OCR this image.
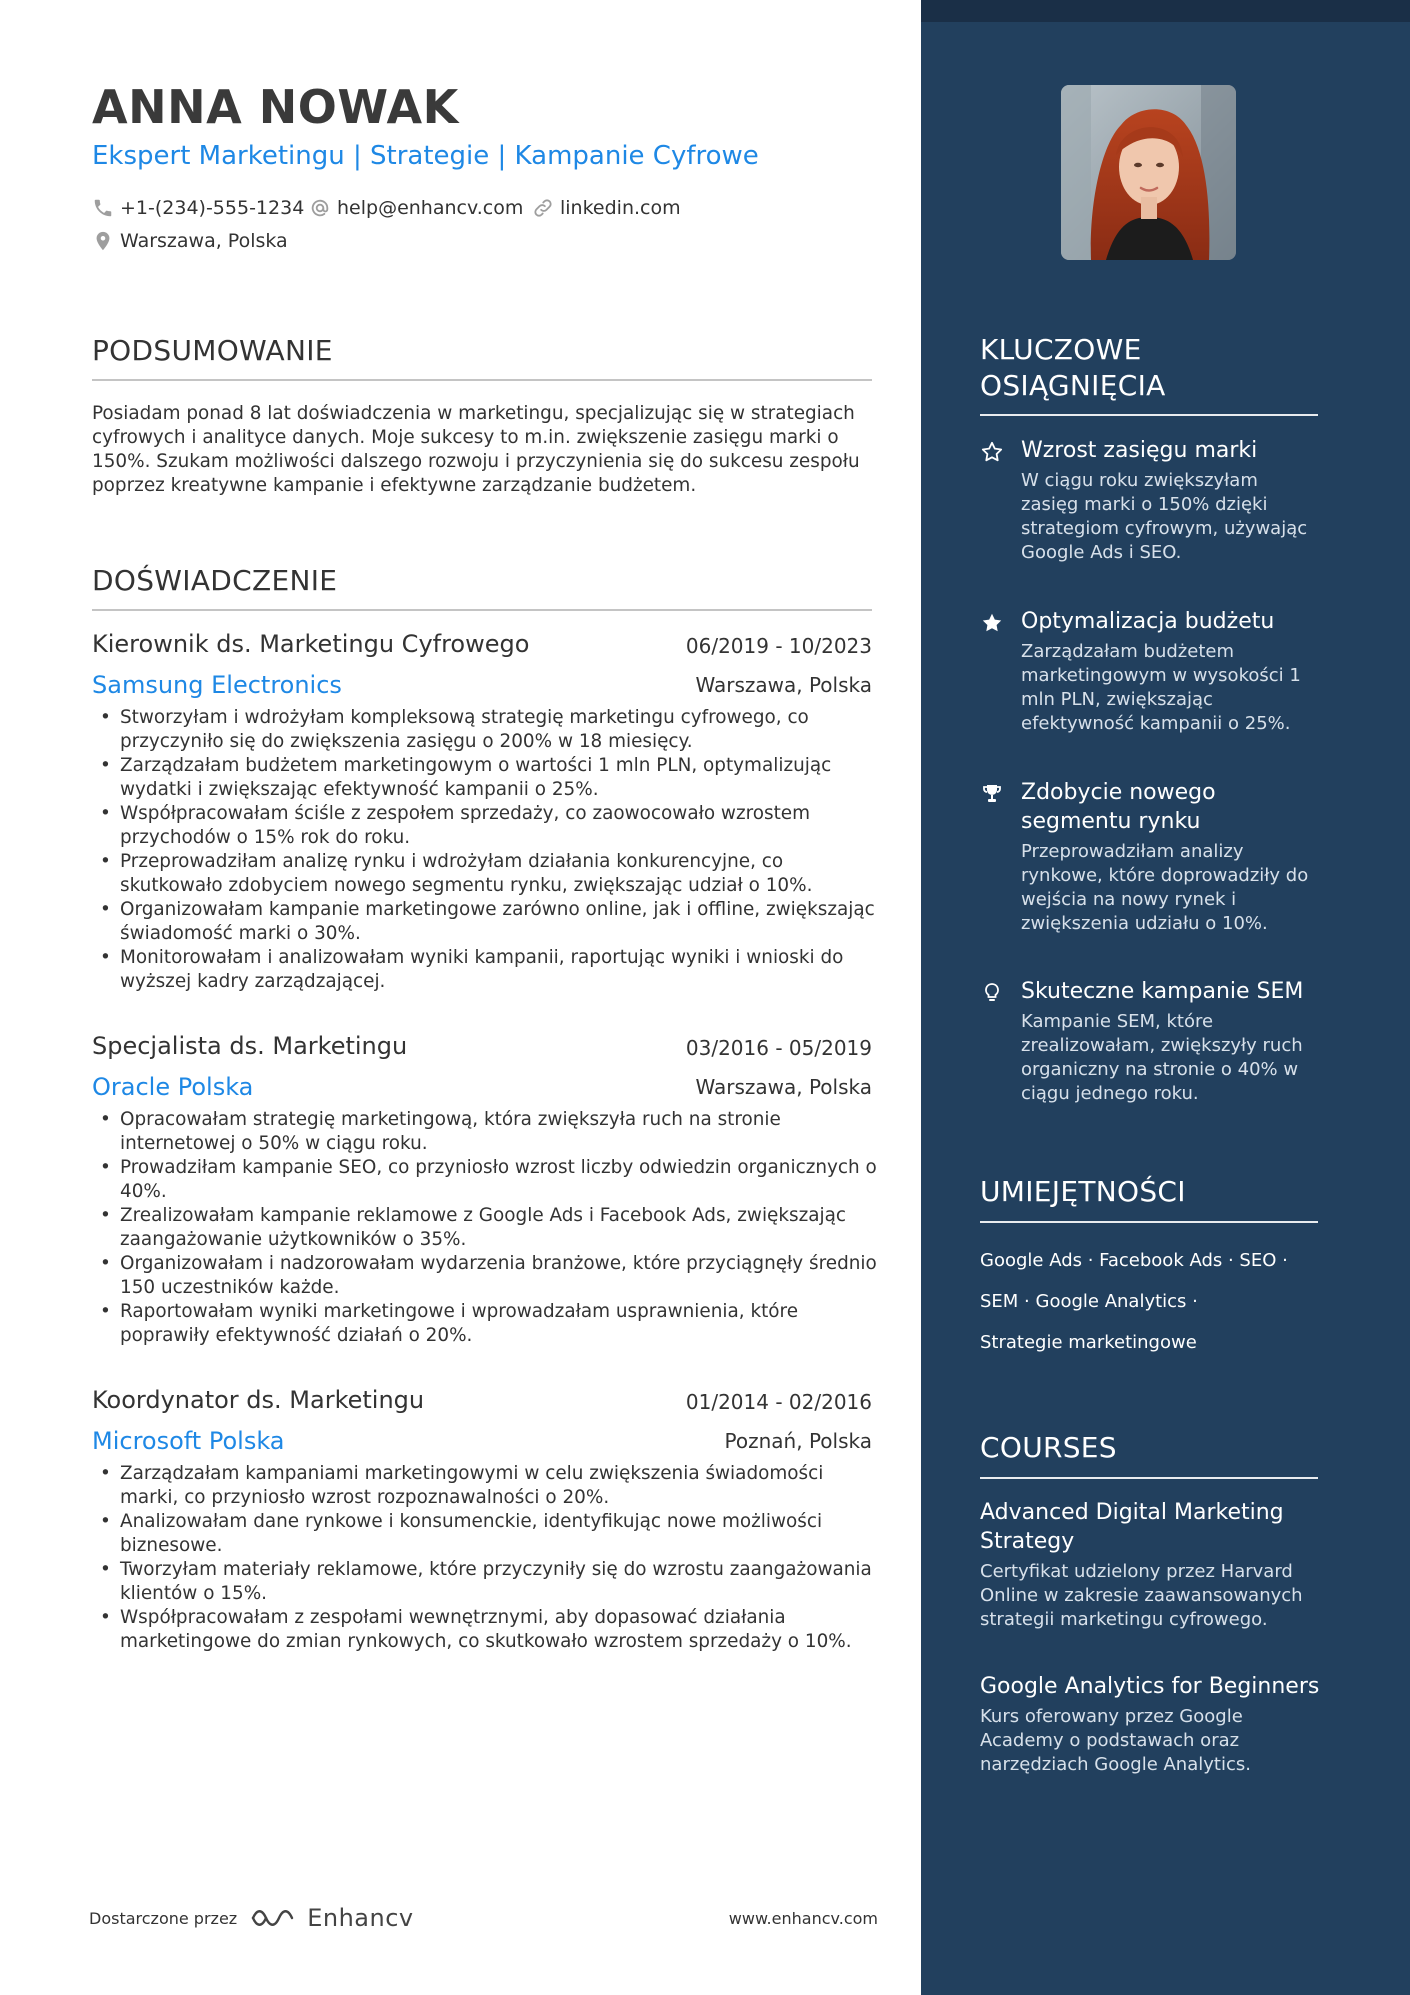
ANNA NOWAK
Ekspert Marketingu | Strategie | Kampanie Cyfrowe
+1-(234)-555-1234 help@enhancv.com linkedin.com
Warszawa, Polska
PODSUMOWANIE
Posiadam ponad 8 lat doświadczenia w marketingu, specjalizując się w strategiach cyfrowych i analityce danych. Moje sukcesy to m.in. zwiększenie zasięgu marki o 150%. Szukam możliwości dalszego rozwoju i przyczynienia się do sukcesu zespołu poprzez kreatywne kampanie i efektywne zarządzanie budżetem.
DOŚWIADCZENIE
Kierownik ds. Marketingu Cyfrowego	06/2019 - 10/2023
Samsung Electronics	Warszawa, Polska
• Stworzyłam i wdrożyłam kompleksową strategię marketingu cyfrowego, co przyczyniło się do zwiększenia zasięgu o 200% w 18 miesięcy.
• Zarządzałam budżetem marketingowym o wartości 1 mln PLN, optymalizując wydatki i zwiększając efektywność kampanii o 25%.
• Współpracowałam ściśle z zespołem sprzedaży, co zaowocowało wzrostem przychodów o 15% rok do roku.
• Przeprowadziłam analizę rynku i wdrożyłam działania konkurencyjne, co skutkowało zdobyciem nowego segmentu rynku, zwiększając udział o 10%.
• Organizowałam kampanie marketingowe zarówno online, jak i offline, zwiększając świadomość marki o 30%.
• Monitorowałam i analizowałam wyniki kampanii, raportując wyniki i wnioski do wyższej kadry zarządzającej.
Specjalista ds. Marketingu	03/2016 - 05/2019
Oracle Polska	Warszawa, Polska
• Opracowałam strategię marketingową, która zwiększyła ruch na stronie internetowej o 50% w ciągu roku.
• Prowadziłam kampanie SEO, co przyniosło wzrost liczby odwiedzin organicznych o 40%.
• Zrealizowałam kampanie reklamowe z Google Ads i Facebook Ads, zwiększając zaangażowanie użytkowników o 35%.
• Organizowałam i nadzorowałam wydarzenia branżowe, które przyciągnęły średnio 150 uczestników każde.
• Raportowałam wyniki marketingowe i wprowadzałam usprawnienia, które poprawiły efektywność działań o 20%.
Koordynator ds. Marketingu	01/2014 - 02/2016
Microsoft Polska	Poznań, Polska
• Zarządzałam kampaniami marketingowymi w celu zwiększenia świadomości marki, co przyniosło wzrost rozpoznawalności o 20%.
• Analizowałam dane rynkowe i konsumenckie, identyfikując nowe możliwości biznesowe.
• Tworzyłam materiały reklamowe, które przyczyniły się do wzrostu zaangażowania klientów o 15%.
• Współpracowałam z zespołami wewnętrznymi, aby dopasować działania marketingowe do zmian rynkowych, co skutkowało wzrostem sprzedaży o 10%.
Dostarczone przez	Enhancv	www.enhancv.com
KLUCZOWE
OSIĄGNIĘCIA
Wzrost zasięgu marki
W ciągu roku zwiększyłam zasięg marki o 150% dzięki strategiom cyfrowym, używając Google Ads i SEO.
Optymalizacja budżetu
Zarządzałam budżetem marketingowym w wysokości 1 mln PLN, zwiększając efektywność kampanii o 25%.
Zdobycie nowego segmentu rynku
Przeprowadziłam analizy rynkowe, które doprowadziły do wejścia na nowy rynek i zwiększenia udziału o 10%.
Skuteczne kampanie SEM
Kampanie SEM, które zrealizowałam, zwiększyły ruch organiczny na stronie o 40% w ciągu jednego roku.
UMIEJĘTNOŚCI
Google Ads · Facebook Ads · SEO ·
SEM · Google Analytics ·
Strategie marketingowe
COURSES
Advanced Digital Marketing Strategy
Certyfikat udzielony przez Harvard Online w zakresie zaawansowanych strategii marketingu cyfrowego.
Google Analytics for Beginners
Kurs oferowany przez Google Academy o podstawach oraz narzędziach Google Analytics.
